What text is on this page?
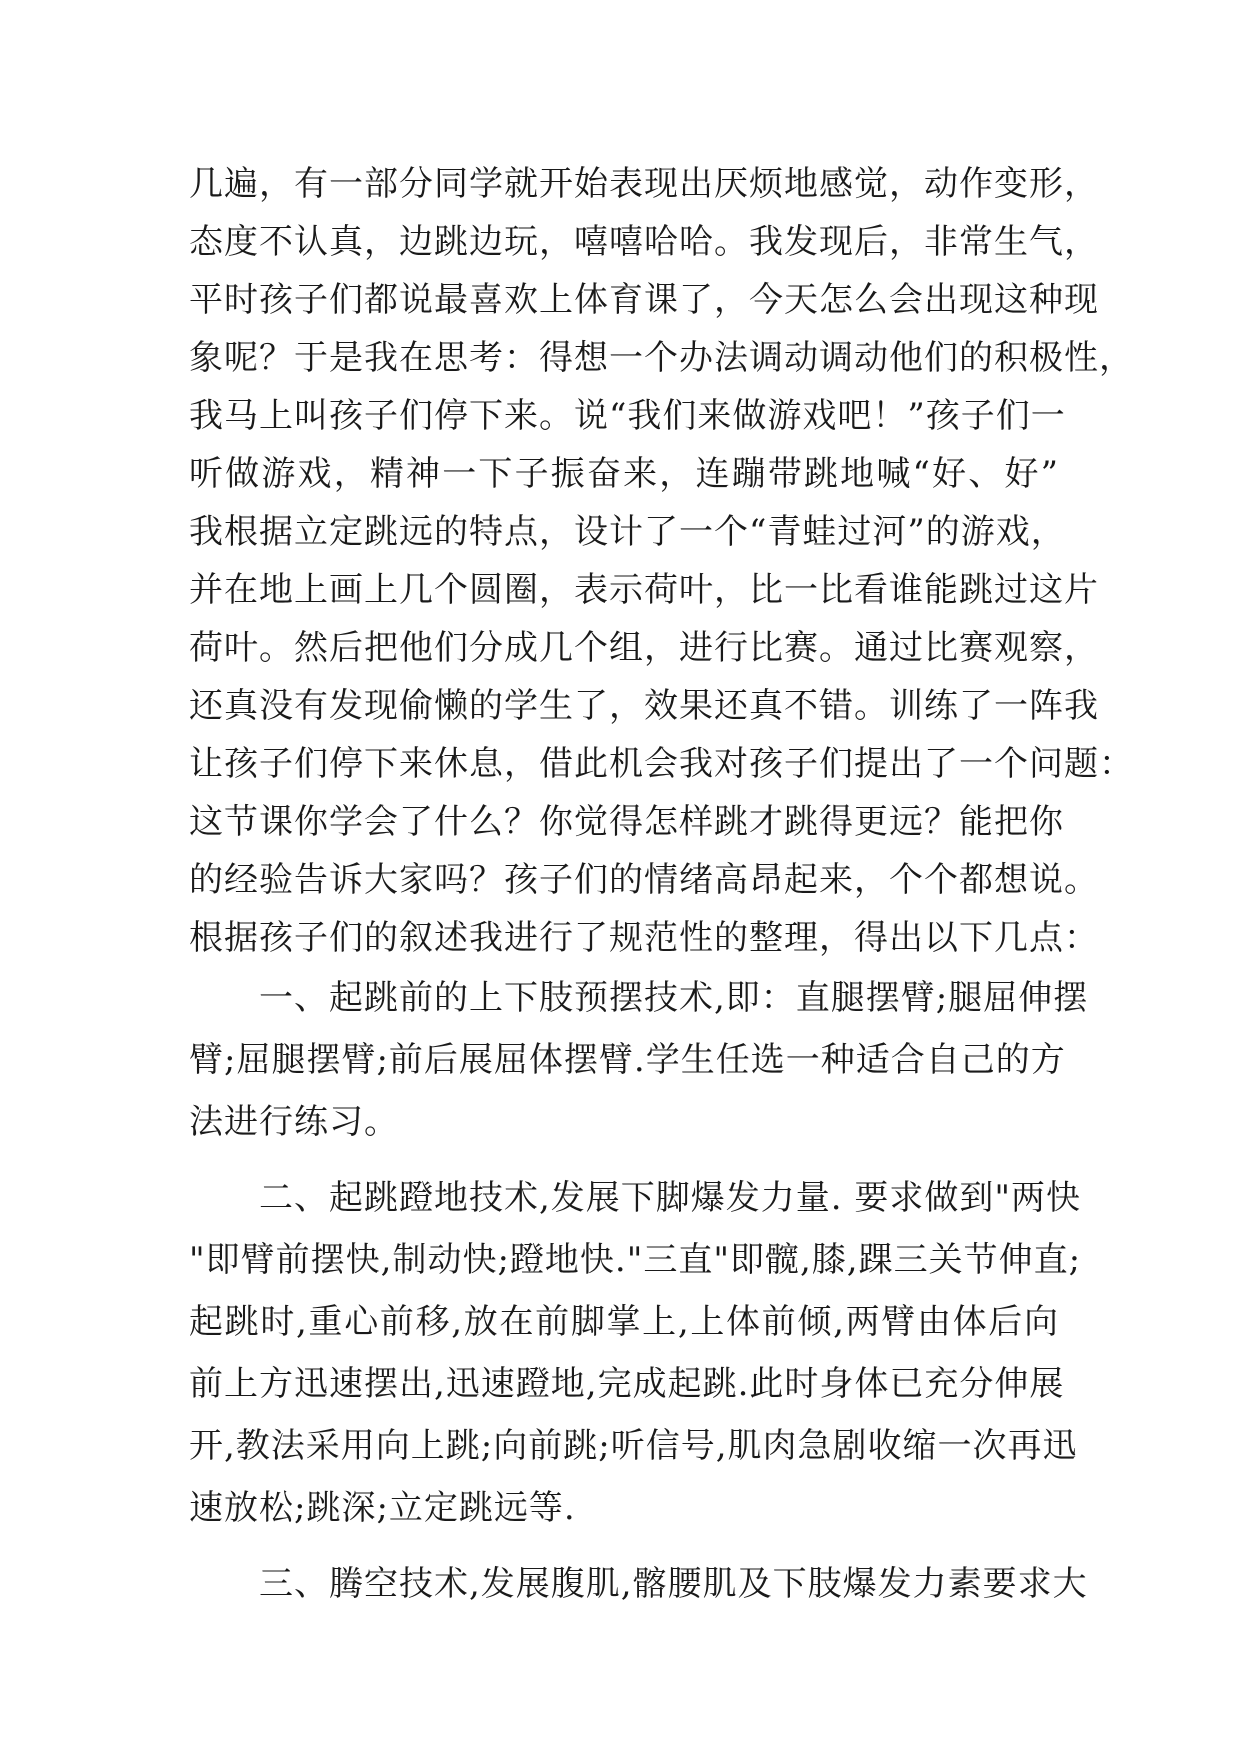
几遍，有一部分同学就开始表现出厌烦地感觉，动作变形，
态度不认真，边跳边玩，嘻嘻哈哈。我发现后，非常生气，
平时孩子们都说最喜欢上体育课了，今天怎么会出现这种现
象呢？于是我在思考：得想一个办法调动调动他们的积极性，
我马上叫孩子们停下来。说“我们来做游戏吧！”孩子们一
听做游戏，精神一下子振奋来，连蹦带跳地喊“好、好”
我根据立定跳远的特点，设计了一个“青蛙过河”的游戏，
并在地上画上几个圆圈，表示荷叶，比一比看谁能跳过这片
荷叶。然后把他们分成几个组，进行比赛。通过比赛观察，
还真没有发现偷懒的学生了，效果还真不错。训练了一阵我
让孩子们停下来休息，借此机会我对孩子们提出了一个问题：
这节课你学会了什么？你觉得怎样跳才跳得更远？能把你
的经验告诉大家吗？孩子们的情绪高昂起来，个个都想说。
根据孩子们的叙述我进行了规范性的整理，得出以下几点：
一、起跳前的上下肢预摆技术,即：直腿摆臂;腿屈伸摆
臂;屈腿摆臂;前后展屈体摆臂.学生任选一种适合自己的方
法进行练习。
二、起跳蹬地技术,发展下脚爆发力量. 要求做到"两快
"即臂前摆快,制动快;蹬地快."三直"即髋,膝,踝三关节伸直;
起跳时,重心前移,放在前脚掌上,上体前倾,两臂由体后向
前上方迅速摆出,迅速蹬地,完成起跳.此时身体已充分伸展
开,教法采用向上跳;向前跳;听信号,肌肉急剧收缩一次再迅
速放松;跳深;立定跳远等.
三、腾空技术,发展腹肌,髂腰肌及下肢爆发力素要求大
